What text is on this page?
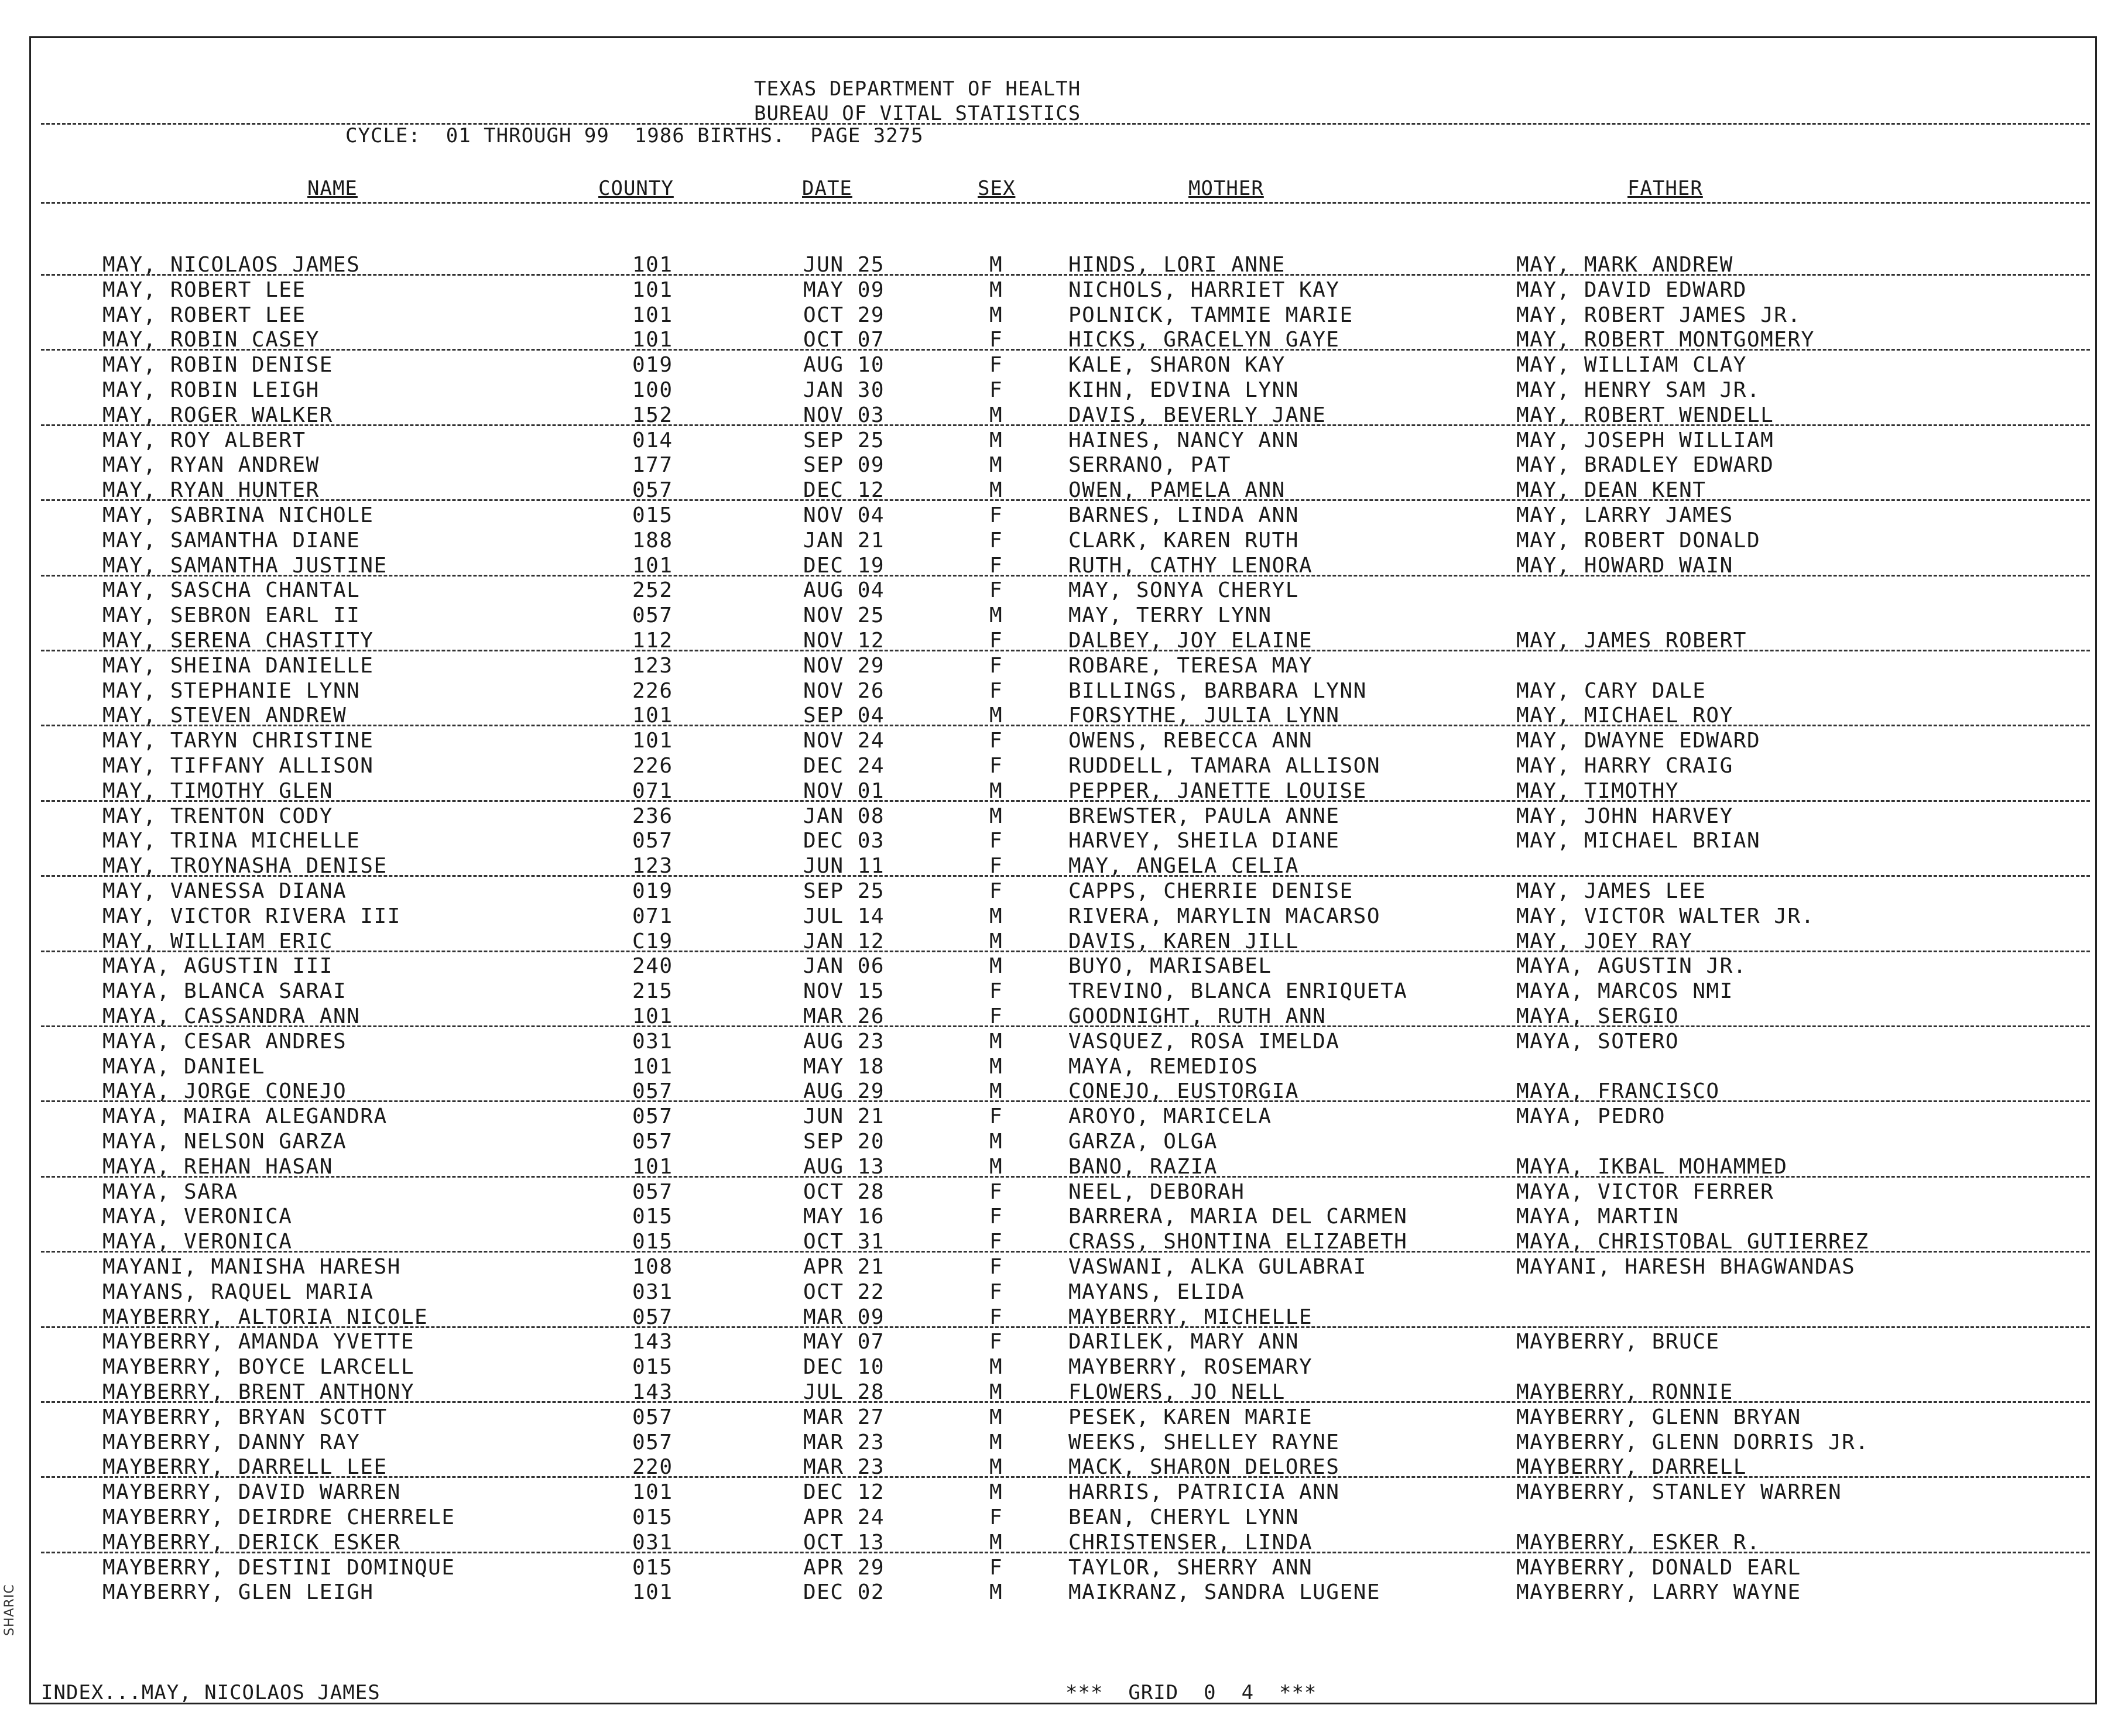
SHARIC
TEXAS DEPARTMENT OF HEALTH
BUREAU OF VITAL STATISTICS
CYCLE:  01 THROUGH 99  1986 BIRTHS.  PAGE 3275
NAME	COUNTY	DATE	SEX	MOTHER	FATHER
MAY, NICOLAOS JAMES	101	JUN 25	M	HINDS, LORI ANNE	MAY, MARK ANDREW
MAY, ROBERT LEE	101	MAY 09	M	NICHOLS, HARRIET KAY	MAY, DAVID EDWARD
MAY, ROBERT LEE	101	OCT 29	M	POLNICK, TAMMIE MARIE	MAY, ROBERT JAMES JR.
MAY, ROBIN CASEY	101	OCT 07	F	HICKS, GRACELYN GAYE	MAY, ROBERT MONTGOMERY
MAY, ROBIN DENISE	019	AUG 10	F	KALE, SHARON KAY	MAY, WILLIAM CLAY
MAY, ROBIN LEIGH	100	JAN 30	F	KIHN, EDVINA LYNN	MAY, HENRY SAM JR.
MAY, ROGER WALKER	152	NOV 03	M	DAVIS, BEVERLY JANE	MAY, ROBERT WENDELL
MAY, ROY ALBERT	014	SEP 25	M	HAINES, NANCY ANN	MAY, JOSEPH WILLIAM
MAY, RYAN ANDREW	177	SEP 09	M	SERRANO, PAT	MAY, BRADLEY EDWARD
MAY, RYAN HUNTER	057	DEC 12	M	OWEN, PAMELA ANN	MAY, DEAN KENT
MAY, SABRINA NICHOLE	015	NOV 04	F	BARNES, LINDA ANN	MAY, LARRY JAMES
MAY, SAMANTHA DIANE	188	JAN 21	F	CLARK, KAREN RUTH	MAY, ROBERT DONALD
MAY, SAMANTHA JUSTINE	101	DEC 19	F	RUTH, CATHY LENORA	MAY, HOWARD WAIN
MAY, SASCHA CHANTAL	252	AUG 04	F	MAY, SONYA CHERYL
MAY, SEBRON EARL II	057	NOV 25	M	MAY, TERRY LYNN
MAY, SERENA CHASTITY	112	NOV 12	F	DALBEY, JOY ELAINE	MAY, JAMES ROBERT
MAY, SHEINA DANIELLE	123	NOV 29	F	ROBARE, TERESA MAY
MAY, STEPHANIE LYNN	226	NOV 26	F	BILLINGS, BARBARA LYNN	MAY, CARY DALE
MAY, STEVEN ANDREW	101	SEP 04	M	FORSYTHE, JULIA LYNN	MAY, MICHAEL ROY
MAY, TARYN CHRISTINE	101	NOV 24	F	OWENS, REBECCA ANN	MAY, DWAYNE EDWARD
MAY, TIFFANY ALLISON	226	DEC 24	F	RUDDELL, TAMARA ALLISON	MAY, HARRY CRAIG
MAY, TIMOTHY GLEN	071	NOV 01	M	PEPPER, JANETTE LOUISE	MAY, TIMOTHY
MAY, TRENTON CODY	236	JAN 08	M	BREWSTER, PAULA ANNE	MAY, JOHN HARVEY
MAY, TRINA MICHELLE	057	DEC 03	F	HARVEY, SHEILA DIANE	MAY, MICHAEL BRIAN
MAY, TROYNASHA DENISE	123	JUN 11	F	MAY, ANGELA CELIA
MAY, VANESSA DIANA	019	SEP 25	F	CAPPS, CHERRIE DENISE	MAY, JAMES LEE
MAY, VICTOR RIVERA III	071	JUL 14	M	RIVERA, MARYLIN MACARSO	MAY, VICTOR WALTER JR.
MAY, WILLIAM ERIC	C19	JAN 12	M	DAVIS, KAREN JILL	MAY, JOEY RAY
MAYA, AGUSTIN III	240	JAN 06	M	BUYO, MARISABEL	MAYA, AGUSTIN JR.
MAYA, BLANCA SARAI	215	NOV 15	F	TREVINO, BLANCA ENRIQUETA	MAYA, MARCOS NMI
MAYA, CASSANDRA ANN	101	MAR 26	F	GOODNIGHT, RUTH ANN	MAYA, SERGIO
MAYA, CESAR ANDRES	031	AUG 23	M	VASQUEZ, ROSA IMELDA	MAYA, SOTERO
MAYA, DANIEL	101	MAY 18	M	MAYA, REMEDIOS
MAYA, JORGE CONEJO	057	AUG 29	M	CONEJO, EUSTORGIA	MAYA, FRANCISCO
MAYA, MAIRA ALEGANDRA	057	JUN 21	F	AROYO, MARICELA	MAYA, PEDRO
MAYA, NELSON GARZA	057	SEP 20	M	GARZA, OLGA
MAYA, REHAN HASAN	101	AUG 13	M	BANO, RAZIA	MAYA, IKBAL MOHAMMED
MAYA, SARA	057	OCT 28	F	NEEL, DEBORAH	MAYA, VICTOR FERRER
MAYA, VERONICA	015	MAY 16	F	BARRERA, MARIA DEL CARMEN	MAYA, MARTIN
MAYA, VERONICA	015	OCT 31	F	CRASS, SHONTINA ELIZABETH	MAYA, CHRISTOBAL GUTIERREZ
MAYANI, MANISHA HARESH	108	APR 21	F	VASWANI, ALKA GULABRAI	MAYANI, HARESH BHAGWANDAS
MAYANS, RAQUEL MARIA	031	OCT 22	F	MAYANS, ELIDA
MAYBERRY, ALTORIA NICOLE	057	MAR 09	F	MAYBERRY, MICHELLE
MAYBERRY, AMANDA YVETTE	143	MAY 07	F	DARILEK, MARY ANN	MAYBERRY, BRUCE
MAYBERRY, BOYCE LARCELL	015	DEC 10	M	MAYBERRY, ROSEMARY
MAYBERRY, BRENT ANTHONY	143	JUL 28	M	FLOWERS, JO NELL	MAYBERRY, RONNIE
MAYBERRY, BRYAN SCOTT	057	MAR 27	M	PESEK, KAREN MARIE	MAYBERRY, GLENN BRYAN
MAYBERRY, DANNY RAY	057	MAR 23	M	WEEKS, SHELLEY RAYNE	MAYBERRY, GLENN DORRIS JR.
MAYBERRY, DARRELL LEE	220	MAR 23	M	MACK, SHARON DELORES	MAYBERRY, DARRELL
MAYBERRY, DAVID WARREN	101	DEC 12	M	HARRIS, PATRICIA ANN	MAYBERRY, STANLEY WARREN
MAYBERRY, DEIRDRE CHERRELE	015	APR 24	F	BEAN, CHERYL LYNN
MAYBERRY, DERICK ESKER	031	OCT 13	M	CHRISTENSER, LINDA	MAYBERRY, ESKER R.
MAYBERRY, DESTINI DOMINQUE	015	APR 29	F	TAYLOR, SHERRY ANN	MAYBERRY, DONALD EARL
MAYBERRY, GLEN LEIGH	101	DEC 02	M	MAIKRANZ, SANDRA LUGENE	MAYBERRY, LARRY WAYNE
INDEX...MAY, NICOLAOS JAMES	***  GRID  0  4  ***
